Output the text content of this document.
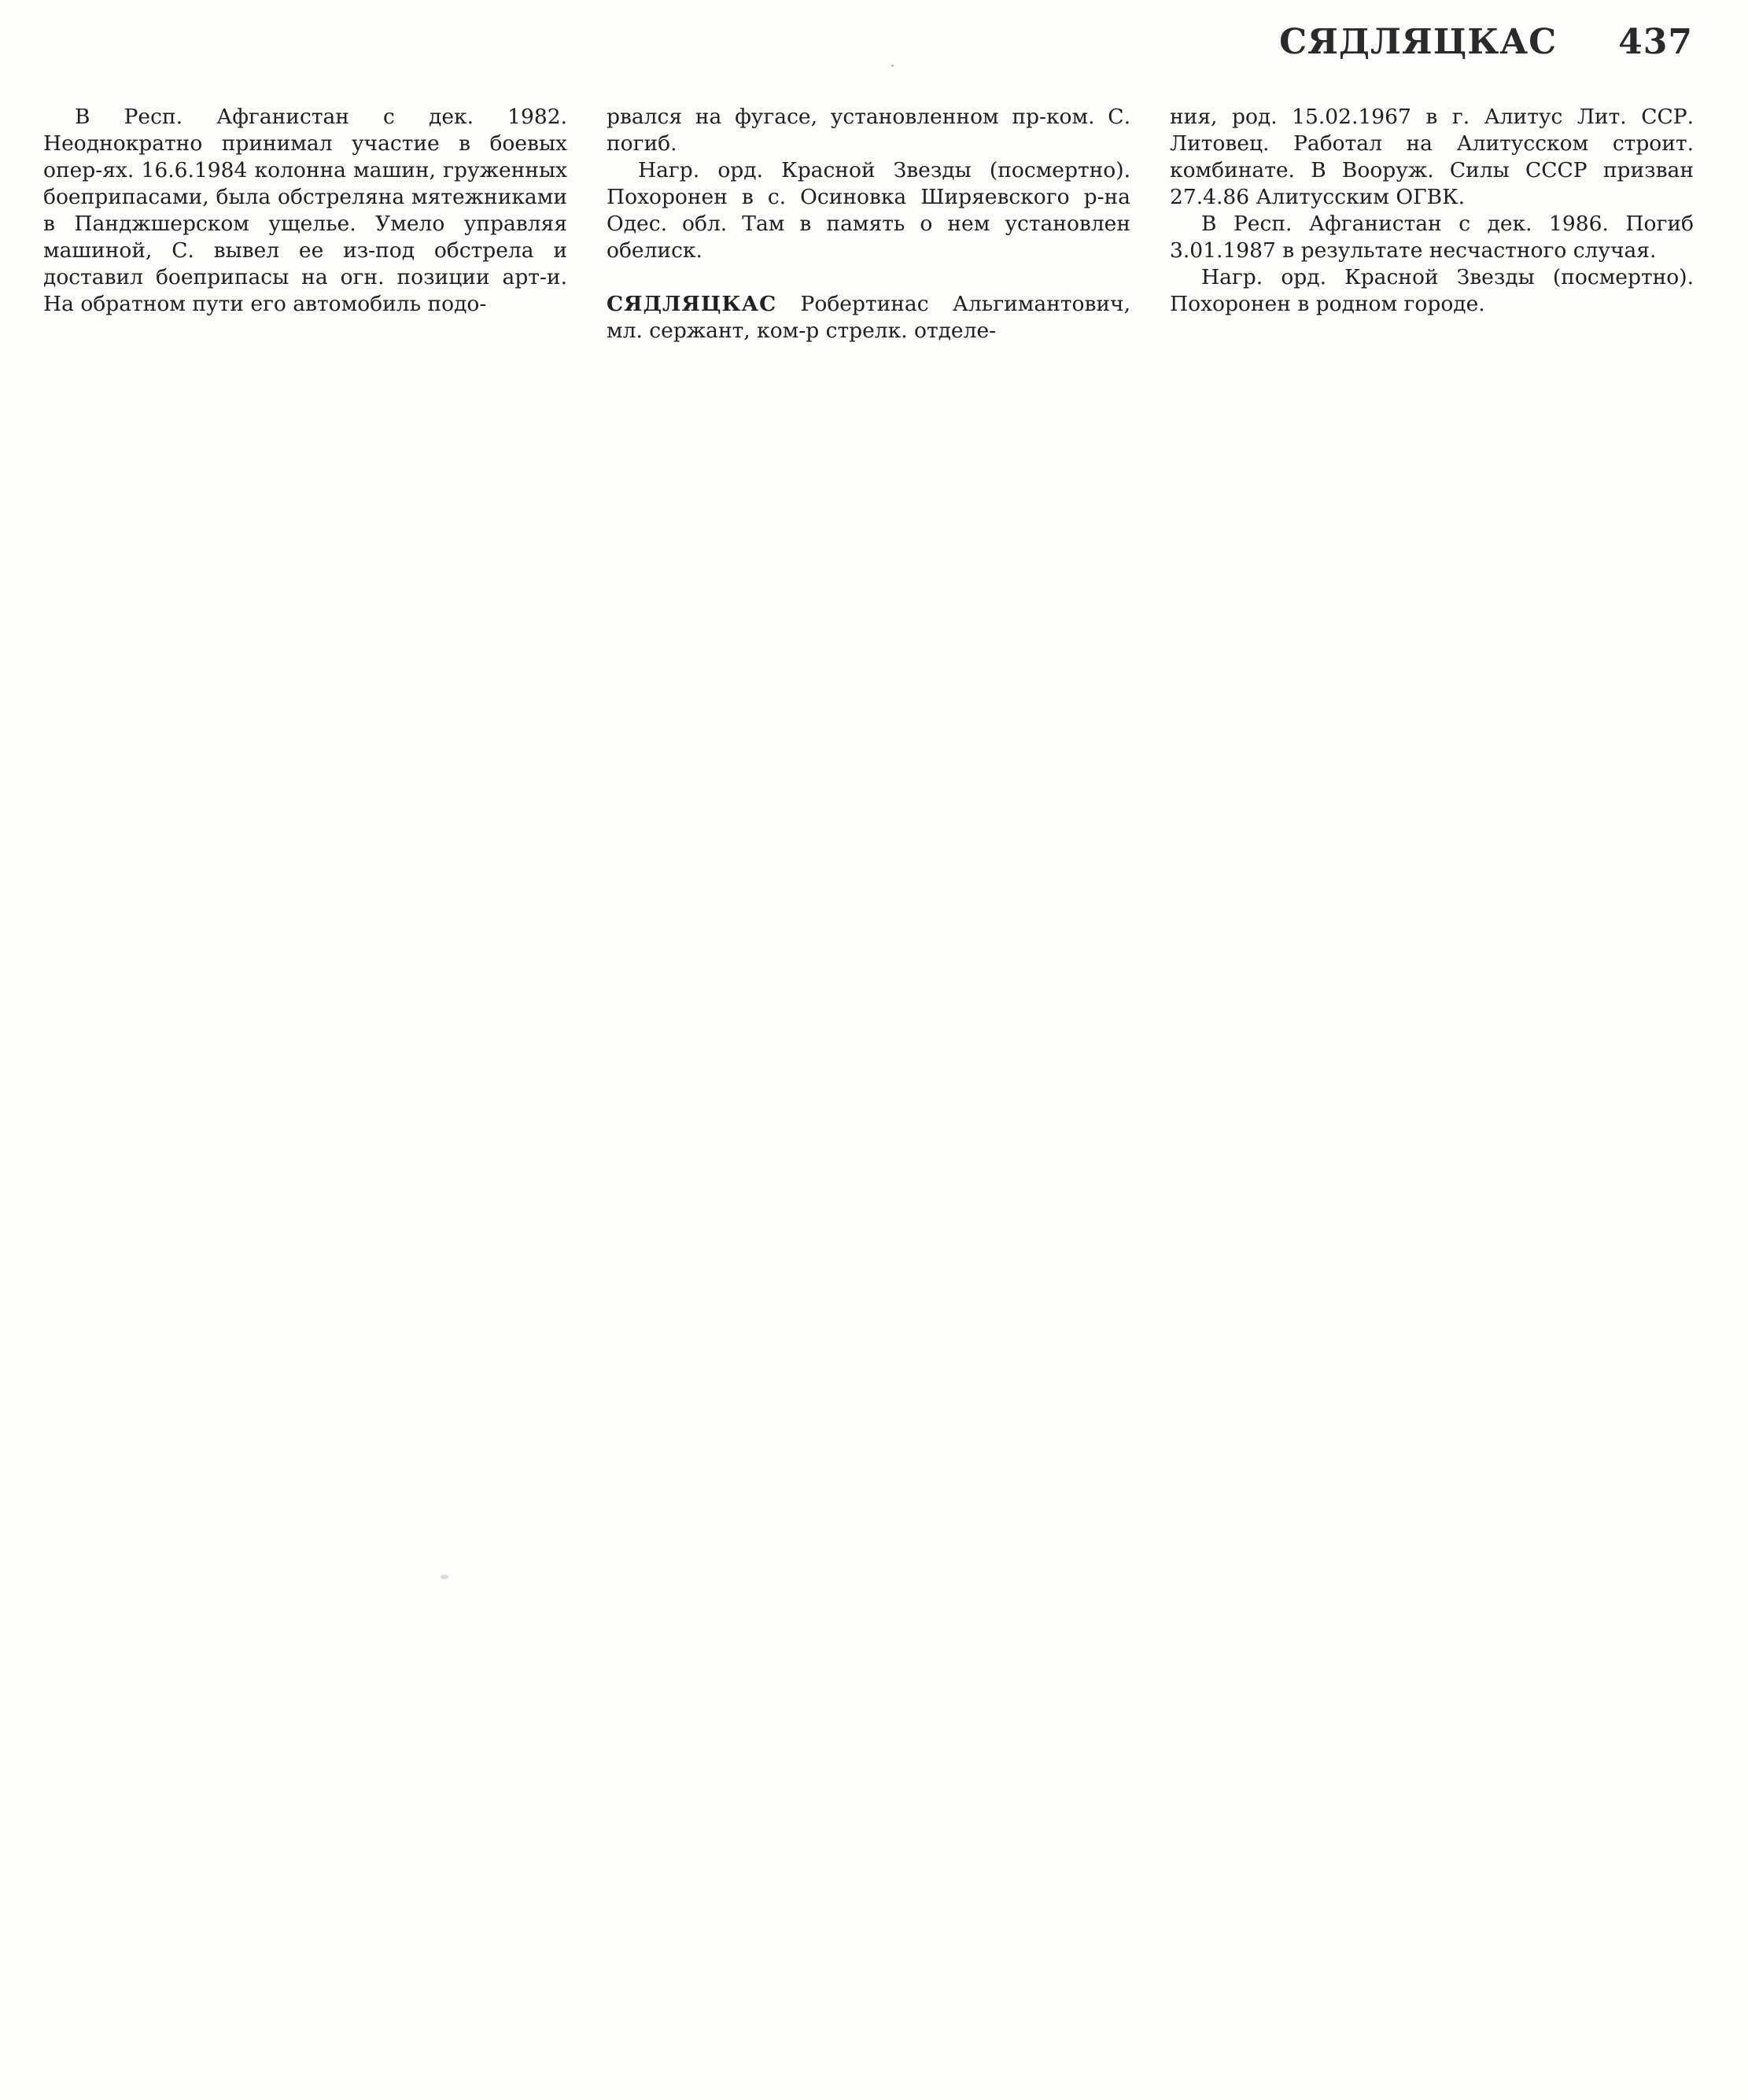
СЯДЛЯЦКАС 437

В Респ. Афганистан с дек. 1982. Неоднократно принимал участие в боевых опер-ях. 16.6.1984 колонна машин, груженных боеприпасами, была обстреляна мятежниками в Панджшерском ущелье. Умело управляя машиной, С. вывел ее из-под обстрела и доставил боеприпасы на огн. позиции арт-и. На обратном пути его автомобиль подо-

рвался на фугасе, установленном пр-ком. С. погиб.

Нагр. орд. Красной Звезды (посмертно). Похоронен в с. Осиновка Ширяевского р-на Одес. обл. Там в память о нем установлен обелиск.

СЯДЛЯЦКАС Робертинас Альгимантович, мл. сержант, ком-р стрелк. отделе-

ния, род. 15.02.1967 в г. Алитус Лит. ССР. Литовец. Работал на Алитусском строит. комбинате. В Вооруж. Силы СССР призван 27.4.86 Алитусским ОГВК.

В Респ. Афганистан с дек. 1986. Погиб 3.01.1987 в результате несчастного случая.

Нагр. орд. Красной Звезды (посмертно). Похоронен в родном городе.
